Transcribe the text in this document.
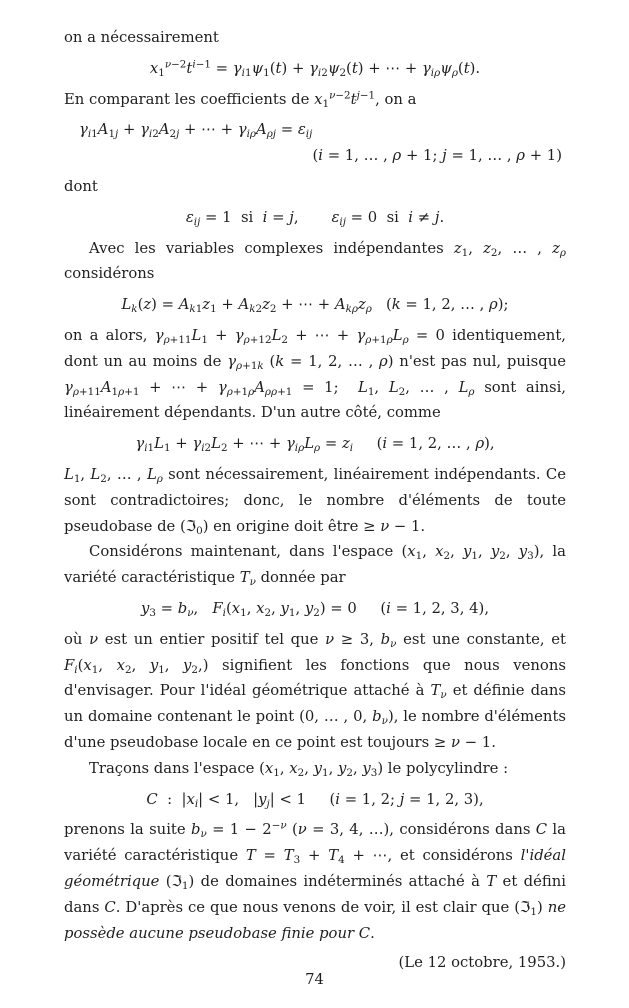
on a nécessairement

$x_1^{\nu-2}t^{i-1} = \gamma_{i1}\psi_1(t) + \gamma_{i2}\psi_2(t)$ + ⋯ + $\gamma_{i\rho}\psi_\rho(t)$.

En comparant les coefficients de $x_1^{\nu-2}t^{j-1}$, on a

$\gamma_{i1}A_{1j} + \gamma_{i2}A_{2j}$ + ⋯ + $\gamma_{i\rho}A_{\rho j} = \varepsilon_{ij}$
(i = 1, … , ρ + 1; j = 1, … , ρ + 1)

dont

$\varepsilon_{ij} = 1$  si  i = j,       $\varepsilon_{ij} = 0$  si  i ≠ j.

Avec les variables complexes indépendantes $z_1$, $z_2$, … , $z_\rho$ considérons

$L_k(z) = A_{k1}z_1 + A_{k2}z_2$ + ⋯ + $A_{k\rho}z_\rho$   (k = 1, 2, … , ρ);

on a alors, $\gamma_{\rho+11}L_1 + \gamma_{\rho+12}L_2$ + ⋯ + $\gamma_{\rho+1\rho}L_\rho = 0$ identiquement, dont un au moins de $\gamma_{\rho+1k}$ (k = 1, 2, … , ρ) n'est pas nul, puisque $\gamma_{\rho+11}A_{1\rho+1}$ + ⋯ + $\gamma_{\rho+1\rho}A_{\rho\rho+1} = 1$;  $L_1$, $L_2$, … , $L_\rho$ sont ainsi, linéairement dépendants. D'un autre côté, comme

$\gamma_{i1}L_1 + \gamma_{i2}L_2$ + ⋯ + $\gamma_{i\rho}L_\rho = z_i$     (i = 1, 2, … , ρ),

$L_1$, $L_2$, … , $L_\rho$ sont nécessairement, linéairement indépendants. Ce sont contradictoires; donc, le nombre d'éléments de toute pseudobase de (ℑ$_0$) en origine doit être ≥ ν − 1.

Considérons maintenant, dans l'espace ($x_1$, $x_2$, $y_1$, $y_2$, $y_3$), la variété caractéristique $T_\nu$ donnée par

$y_3 = b_\nu$,   $F_i(x_1$, $x_2$, $y_1$, $y_2) = 0$     (i = 1, 2, 3, 4),

où ν est un entier positif tel que ν ≥ 3, $b_\nu$ est une constante, et $F_i(x_1$, $x_2$, $y_1$, $y_2$,) signifient les fonctions que nous venons d'envisager. Pour l'idéal géométrique attaché à $T_\nu$ et définie dans un domaine contenant le point (0, … , 0, $b_\nu$), le nombre d'éléments d'une pseudobase locale en ce point est toujours ≥ ν − 1.

Traçons dans l'espace ($x_1$, $x_2$, $y_1$, $y_2$, $y_3$) le polycylindre :

C  :  $|x_i| < 1$,   $|y_j| < 1$     (i = 1, 2; j = 1, 2, 3),

prenons la suite $b_\nu = 1 - 2^{-\nu}$ (ν = 3, 4, …), considérons dans C la variété caractéristique $T = T_3 + T_4$ + ⋯, et considérons l'idéal géométrique (ℑ$_1$) de domaines indéterminés attaché à T et défini dans C. D'après ce que nous venons de voir, il est clair que (ℑ$_1$) ne possède aucune pseudobase finie pour C.

(Le 12 octobre, 1953.)
74
